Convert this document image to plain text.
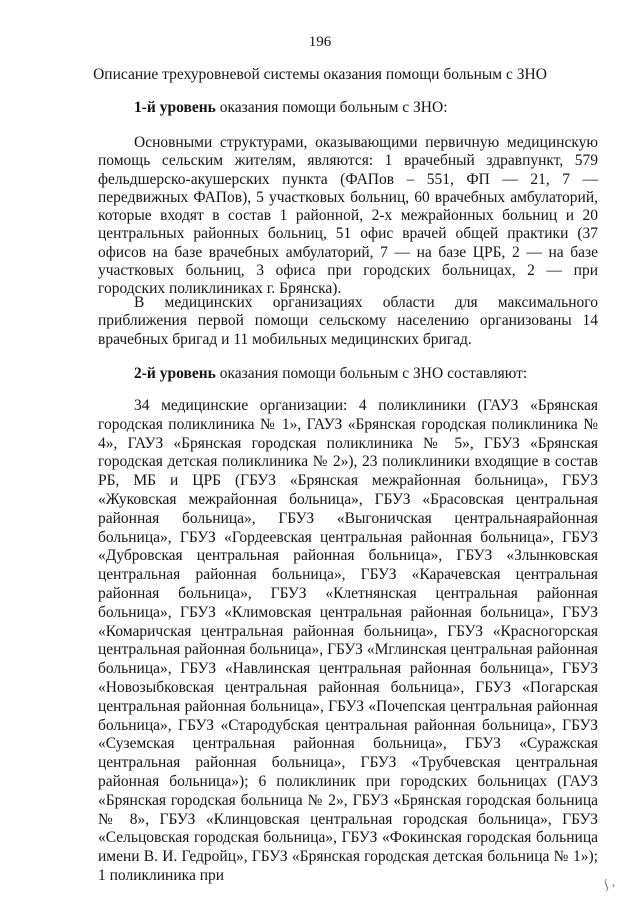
196
Описание трехуровневой системы оказания помощи больным с ЗНО
1-й уровень оказания помощи больным с ЗНО:

Основными структурами, оказывающими первичную медицинскую помощь сельским жителям, являются: 1 врачебный здравпункт, 579 фельдшерско-акушерских пункта (ФАПов – 551, ФП — 21, 7 — передвижных ФАПов), 5 участковых больниц, 60 врачебных амбулаторий, которые входят в состав 1 районной, 2-х межрайонных больниц и 20 центральных районных больниц, 51 офис врачей общей практики (37 офисов на базе врачебных амбулаторий, 7 — на базе ЦРБ, 2 — на базе участковых больниц, 3 офиса при городских больницах, 2 — при городских поликлиниках г. Брянска).

В медицинских организациях области для максимального приближения первой помощи сельскому населению организованы 14 врачебных бригад и 11 мобильных медицинских бригад.

2-й уровень оказания помощи больным с ЗНО составляют:

34 медицинские организации: 4 поликлиники (ГАУЗ «Брянская городская поликлиника № 1», ГАУЗ «Брянская городская поликлиника № 4», ГАУЗ «Брянская городская поликлиника № 5», ГБУЗ «Брянская городская детская поликлиника № 2»), 23 поликлиники входящие в состав РБ, МБ и ЦРБ (ГБУЗ «Брянская межрайонная больница», ГБУЗ «Жуковская межрайонная больница», ГБУЗ «Брасовская центральная районная больница», ГБУЗ «Выгоничская центральнаярайонная больница», ГБУЗ «Гордеевская центральная районная больница», ГБУЗ «Дубровская центральная районная больница», ГБУЗ «Злынковская центральная районная больница», ГБУЗ «Карачевская центральная районная больница», ГБУЗ «Клетнянская центральная районная больница», ГБУЗ «Климовская центральная районная больница», ГБУЗ «Комаричская центральная районная больница», ГБУЗ «Красногорская центральная районная больница», ГБУЗ «Мглинская центральная районная больница», ГБУЗ «Навлинская центральная районная больница», ГБУЗ «Новозыбковская центральная районная больница», ГБУЗ «Погарская центральная районная больница», ГБУЗ «Почепская центральная районная больница», ГБУЗ «Стародубская центральная районная больница», ГБУЗ «Суземская центральная районная больница», ГБУЗ «Суражская центральная районная больница», ГБУЗ «Трубчевская центральная районная больница»); 6 поликлиник при городских больницах (ГАУЗ «Брянская городская больница № 2», ГБУЗ «Брянская городская больница № 8», ГБУЗ «Клинцовская центральная городская больница», ГБУЗ «Сельцовская городская больница», ГБУЗ «Фокинская городская больница имени В. И. Гедройц», ГБУЗ «Брянская городская детская больница № 1»); 1 поликлиника при	ʃ ,
